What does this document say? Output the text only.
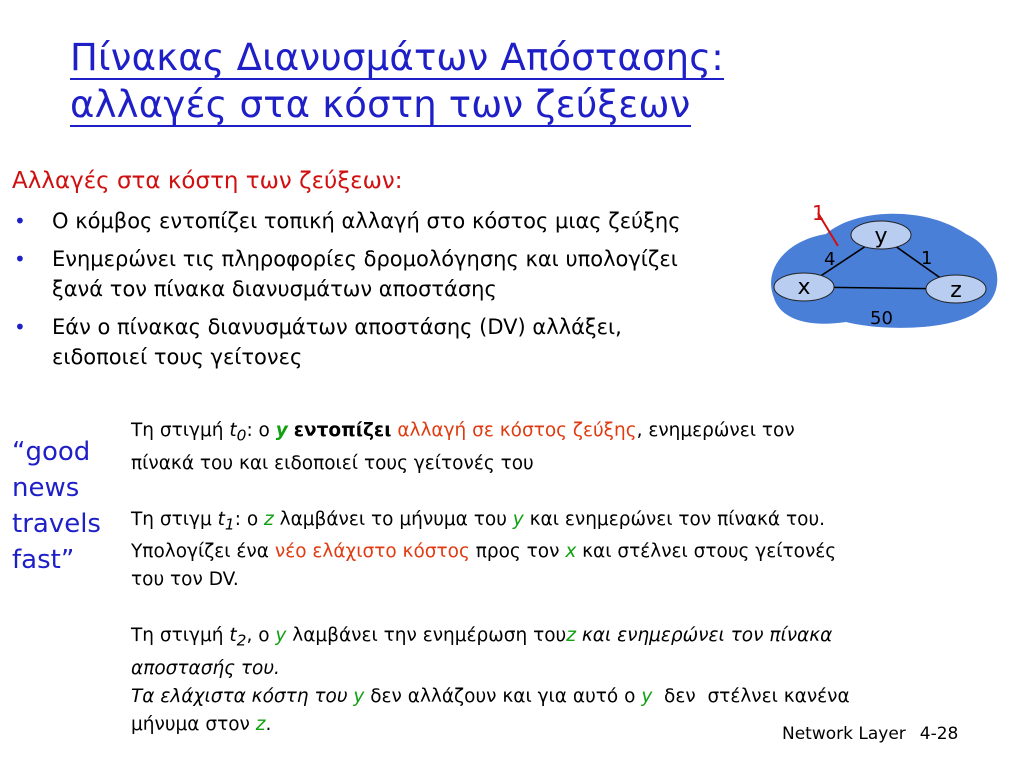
Πίνακας Διανυσμάτων Απόστασης:
αλλαγές στα κόστη των ζεύξεων
Αλλαγές στα κόστη των ζεύξεων:
• Ο κόμβος εντοπίζει τοπική αλλαγή στο κόστος μιας ζεύξης
• Ενημερώνει τις πληροφορίες δρομολόγησης και υπολογίζει
ξανά τον πίνακα διανυσμάτων αποστάσης
• Εάν ο πίνακας διανυσμάτων αποστάσης (DV) αλλάξει,
ειδοποιεί τους γείτονες
y
x	z
1
4	1
50
“good
news
travels
fast”

Τη στιγμή $t_0$: ο y εντοπίζει αλλαγή σε κόστος ζεύξης, ενημερώνει τον
πίνακά του και ειδοποιεί τους γείτονές του

Τη στιγμ $t_1$: ο z λαμβάνει το μήνυμα του y και ενημερώνει τον πίνακά του.
Υπολογίζει ένα νέο ελάχιστο κόστος προς τον x και στέλνει στους γείτονές
του τον DV.

Τη στιγμή $t_2$, ο y λαμβάνει την ενημέρωση τουz και ενημερώνει τον πίνακα
αποστασής του.
Τα ελάχιστα κόστη του y δεν αλλάζουν και για αυτό ο y  δεν  στέλνει κανένα
μήνυμα στον z.	Network Layer 4-28
